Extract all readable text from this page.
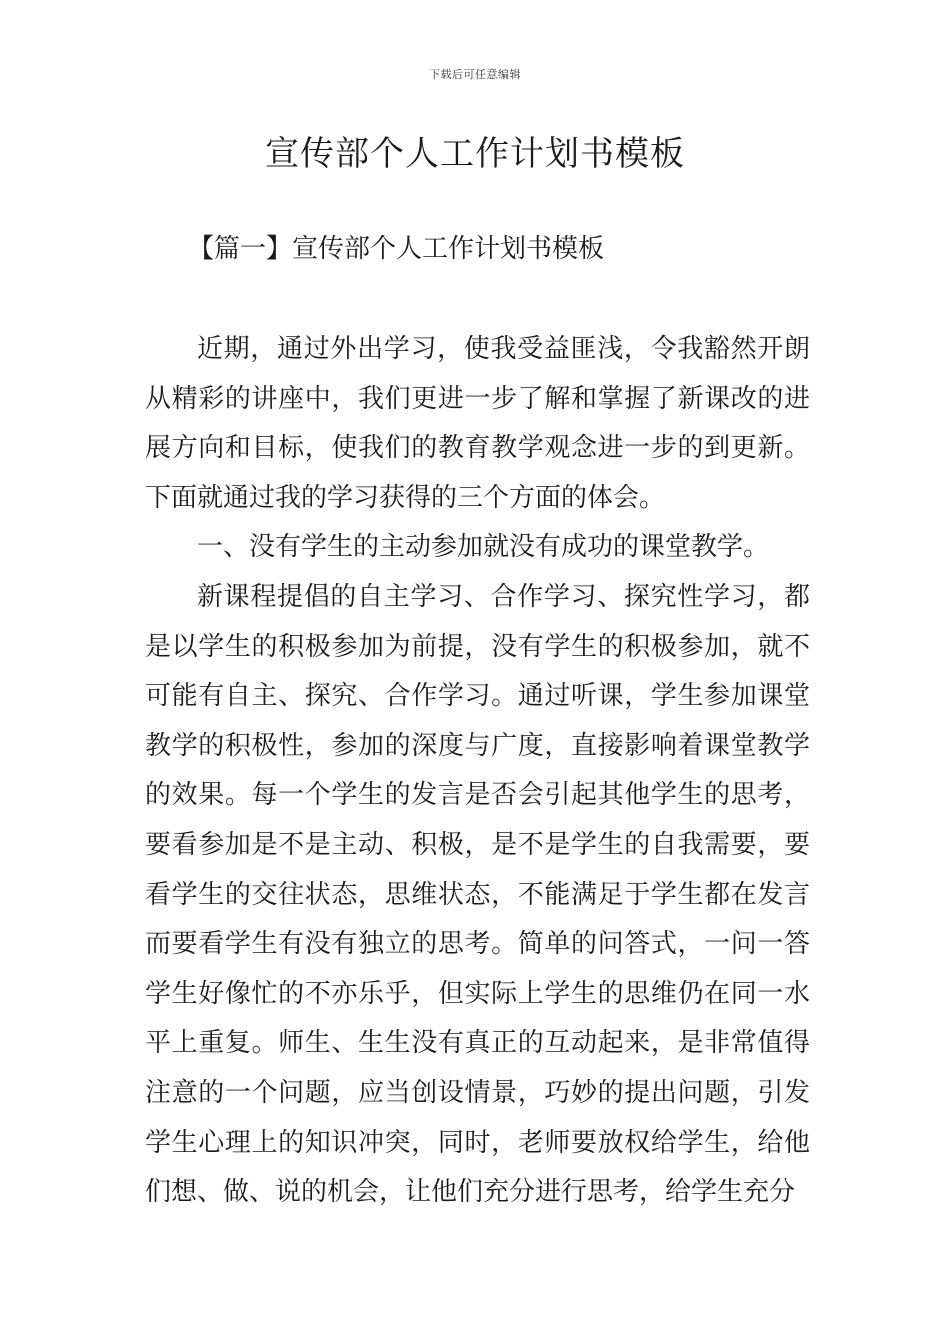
下载后可任意编辑
宣传部个人工作计划书模板
【篇一】宣传部个人工作计划书模板

近期，通过外出学习，使我受益匪浅，令我豁然开朗从精彩的讲座中，我们更进一步了解和掌握了新课改的进展方向和目标，使我们的教育教学观念进一步的到更新。下面就通过我的学习获得的三个方面的体会。

一、没有学生的主动参加就没有成功的课堂教学。

新课程提倡的自主学习、合作学习、探究性学习，都是以学生的积极参加为前提，没有学生的积极参加，就不可能有自主、探究、合作学习。通过听课，学生参加课堂教学的积极性，参加的深度与广度，直接影响着课堂教学的效果。每一个学生的发言是否会引起其他学生的思考，要看参加是不是主动、积极，是不是学生的自我需要，要看学生的交往状态，思维状态，不能满足于学生都在发言而要看学生有没有独立的思考。简单的问答式，一问一答学生好像忙的不亦乐乎，但实际上学生的思维仍在同一水平上重复。师生、生生没有真正的互动起来，是非常值得注意的一个问题，应当创设情景，巧妙的提出问题，引发学生心理上的知识冲突，同时，老师要放权给学生，给他们想、做、说的机会，让他们充分进行思考，给学生充分
